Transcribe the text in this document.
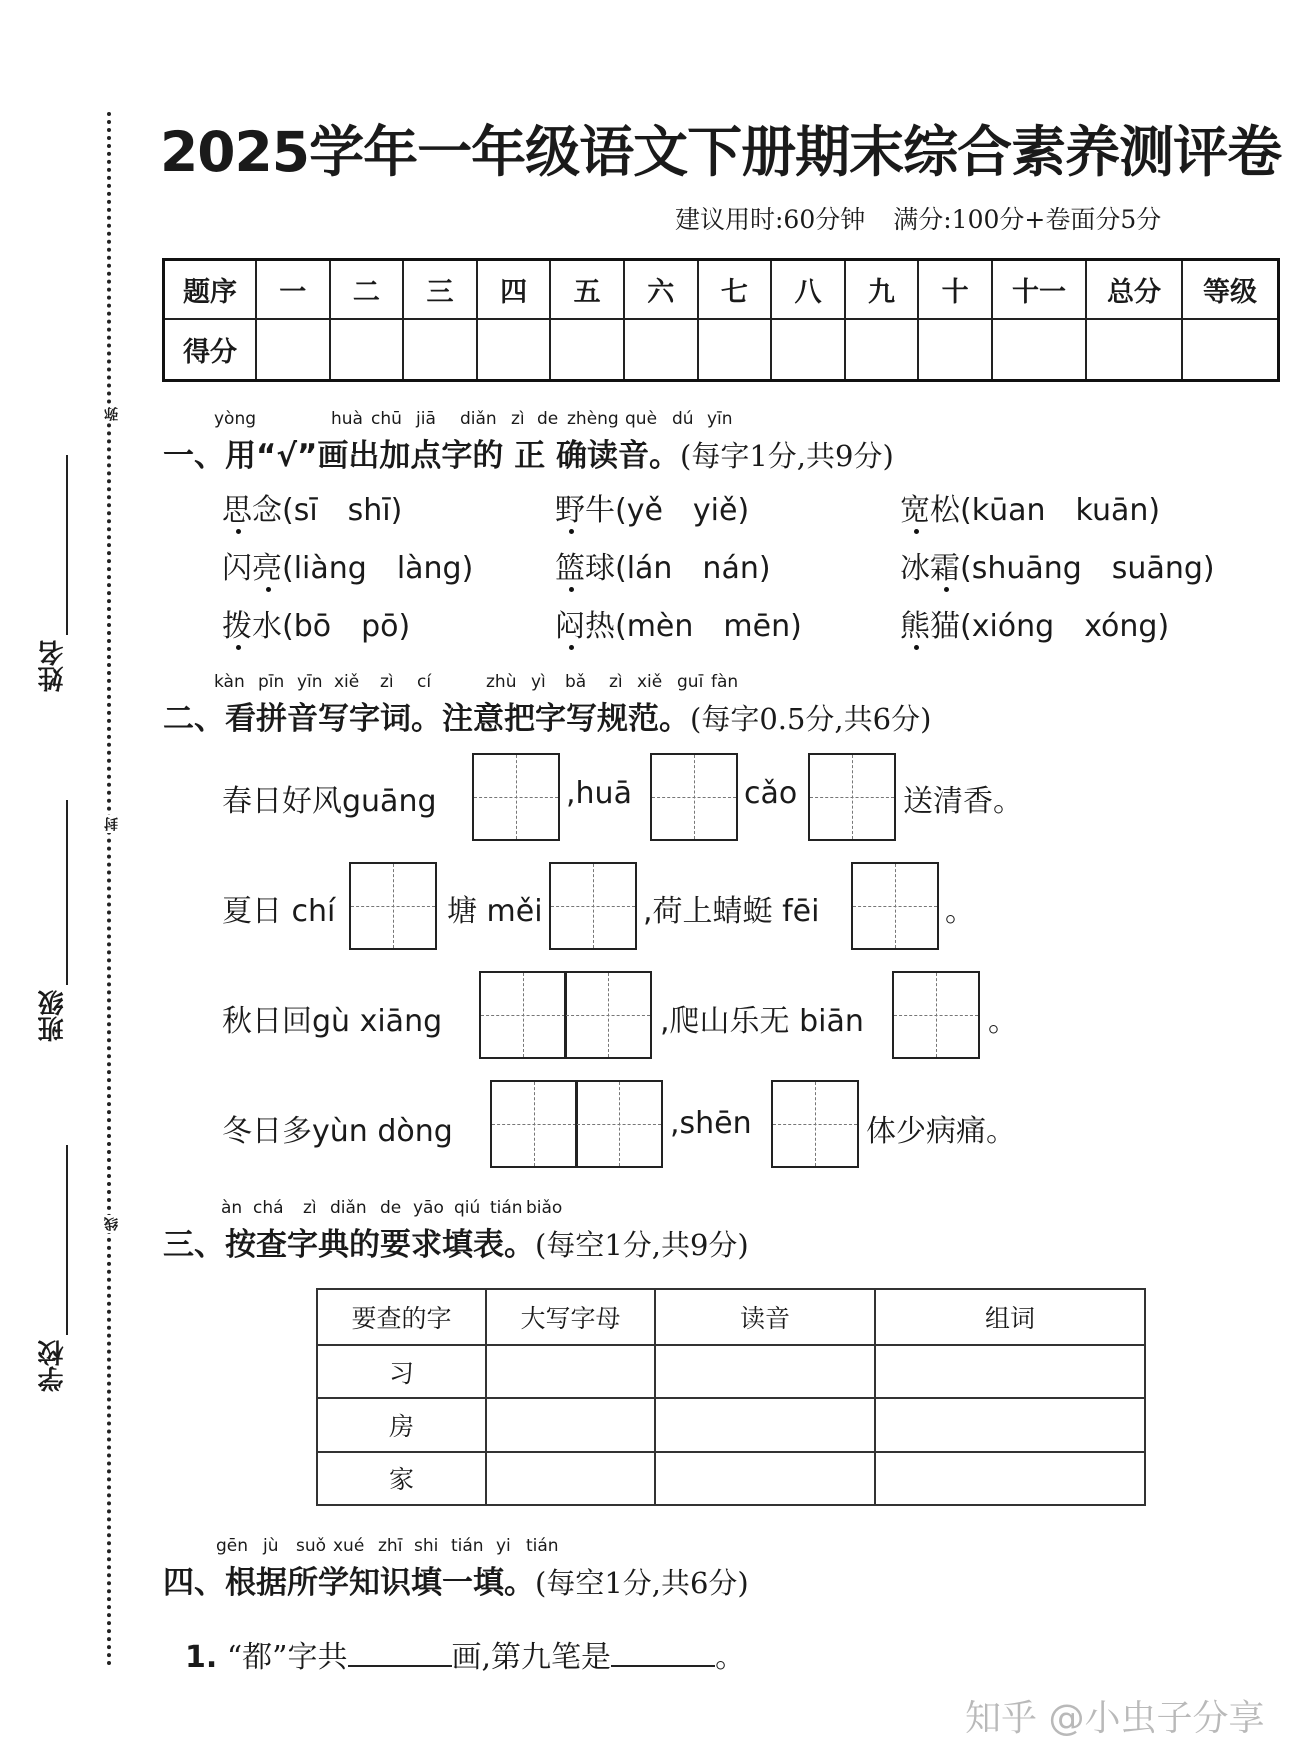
弥
封
线
姓名
班级
学校
2025学年一年级语文下册期末综合素养测评卷
建议用时:60分钟 满分:100分+卷面分5分
题序	一	二	三	四	五	六	七	八	九	十	十一	总分	等级
得分													
yòng	huà chū jiā diǎn zì de zhèng què dú yīn
一、用“√”画出加点字的 正 确读音。(每字1分,共9分)
思念(sī　shī)	野牛(yě　yiě)	宽松(kūan　kuān)
闪亮(liàng　làng)	篮球(lán　nán)	冰霜(shuāng　suāng)
拨水(bō　pō)	闷热(mèn　mēn)	熊猫(xióng　xóng)
kàn pīn yīn xiě zì cí	zhù yì bǎ zì xiě guī fàn
二、看拼音写字词。注意把字写规范。(每字0.5分,共6分)
春日好风guāng	,huā	cǎo	送清香。
夏日 chí	塘 měi	,荷上蜻蜓 fēi	。
秋日回gù xiāng	,爬山乐无 biān	。
冬日多yùn dòng	,shēn	体少病痛。
àn chá zì diǎn de yāo qiú tián biǎo
三、按查字典的要求填表。(每空1分,共9分)
要查的字	大写字母	读音	组词
习			
房			
家			
gēn jù suǒ xué zhī shi tián yi tián
四、根据所学知识填一填。(每空1分,共6分)
1. “都”字共	画,第九笔是	。
知乎 @小虫子分享
